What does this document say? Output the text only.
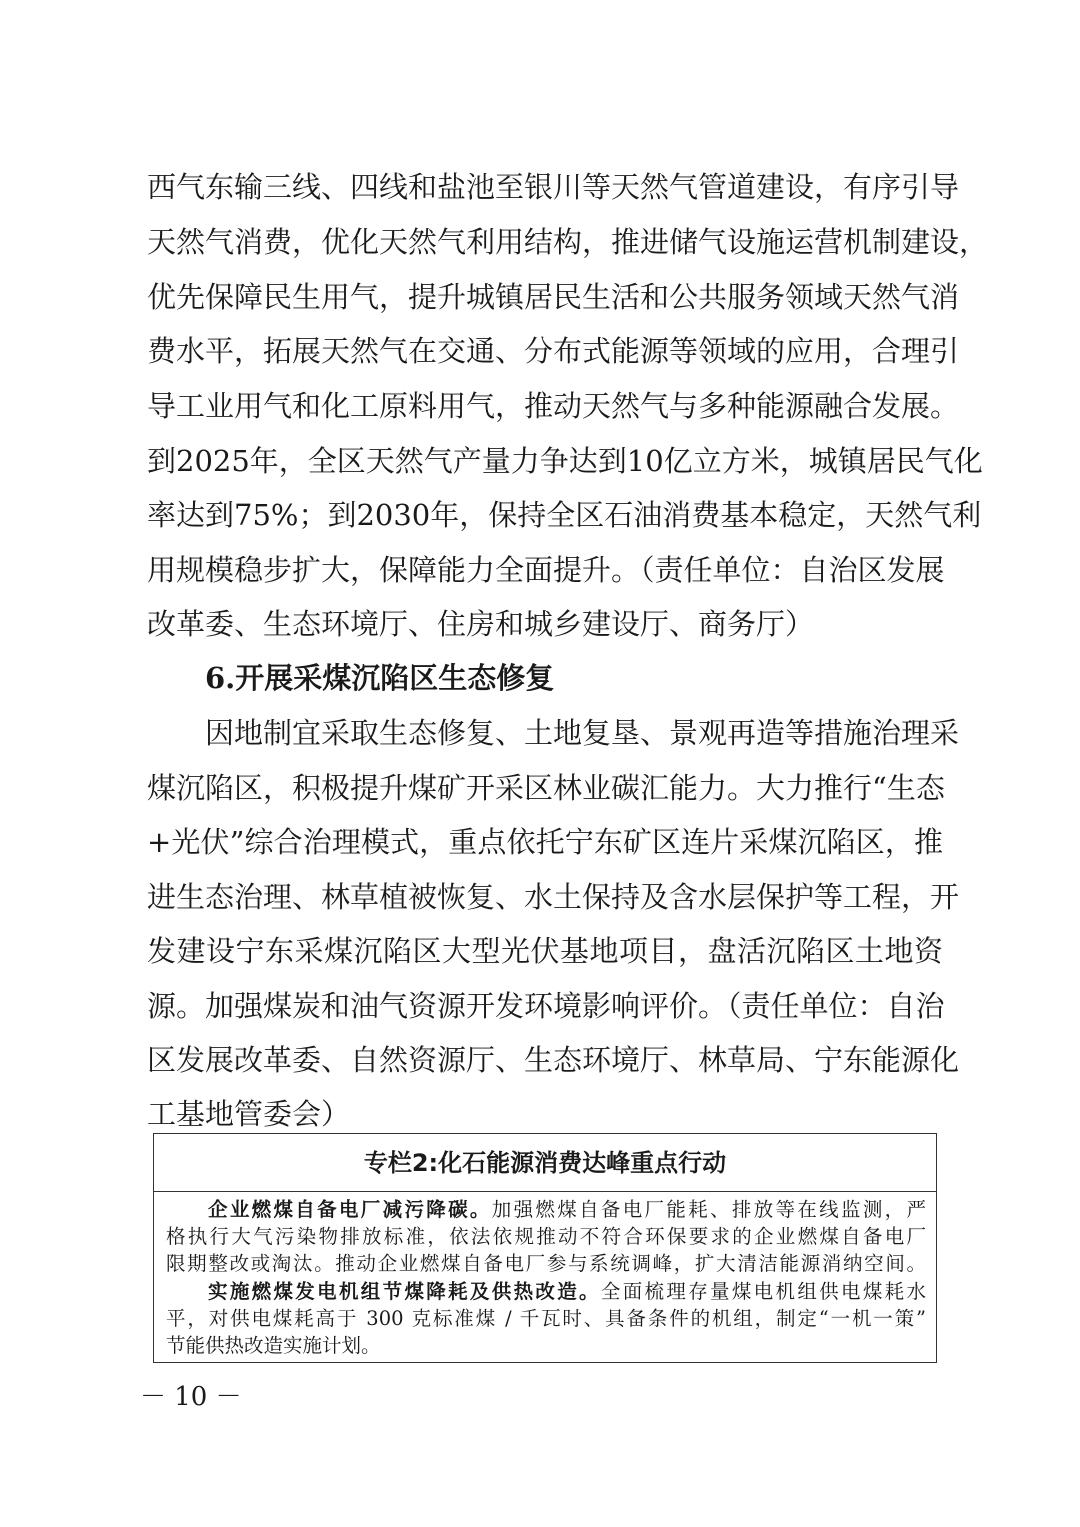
西气东输三线、四线和盐池至银川等天然气管道建设，有序引导
天然气消费，优化天然气利用结构，推进储气设施运营机制建设，
优先保障民生用气，提升城镇居民生活和公共服务领域天然气消
费水平，拓展天然气在交通、分布式能源等领域的应用，合理引
导工业用气和化工原料用气，推动天然气与多种能源融合发展。
到2025年，全区天然气产量力争达到10亿立方米，城镇居民气化
率达到75%；到2030年，保持全区石油消费基本稳定，天然气利
用规模稳步扩大，保障能力全面提升。（责任单位：自治区发展
改革委、生态环境厅、住房和城乡建设厅、商务厅）
6.开展采煤沉陷区生态修复
因地制宜采取生态修复、土地复垦、景观再造等措施治理采
煤沉陷区，积极提升煤矿开采区林业碳汇能力。大力推行“生态
+光伏”综合治理模式，重点依托宁东矿区连片采煤沉陷区，推
进生态治理、林草植被恢复、水土保持及含水层保护等工程，开
发建设宁东采煤沉陷区大型光伏基地项目，盘活沉陷区土地资
源。加强煤炭和油气资源开发环境影响评价。（责任单位：自治
区发展改革委、自然资源厅、生态环境厅、林草局、宁东能源化
工基地管委会）
专栏2:化石能源消费达峰重点行动
企业燃煤自备电厂减污降碳。加强燃煤自备电厂能耗、排放等在线监测，严
格执行大气污染物排放标准，依法依规推动不符合环保要求的企业燃煤自备电厂
限期整改或淘汰。推动企业燃煤自备电厂参与系统调峰，扩大清洁能源消纳空间。
实施燃煤发电机组节煤降耗及供热改造。全面梳理存量煤电机组供电煤耗水
平，对供电煤耗高于 300 克标准煤 / 千瓦时、具备条件的机组，制定“一机一策”
节能供热改造实施计划。
－ 10 －
